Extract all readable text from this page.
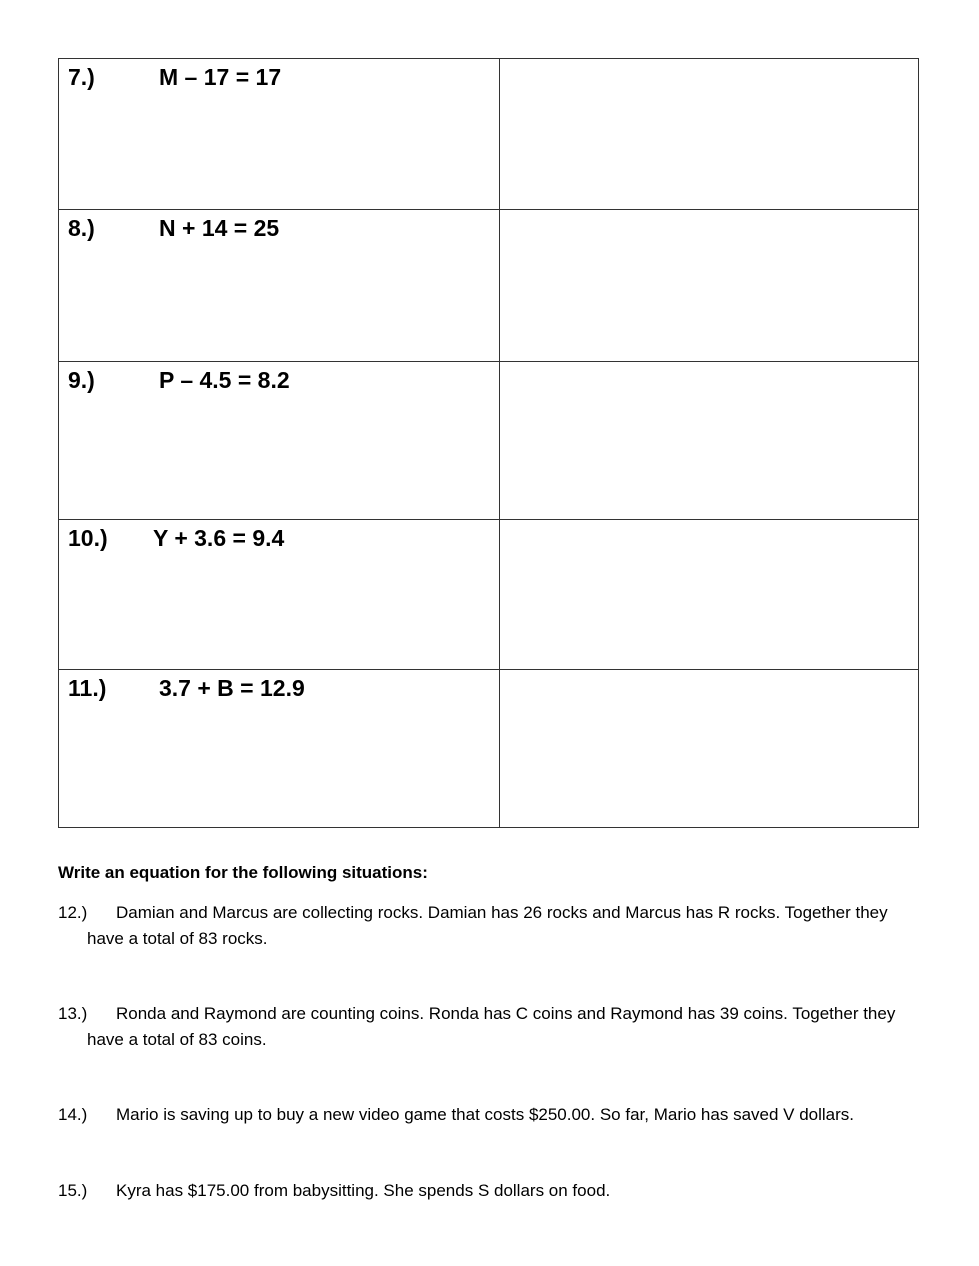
7.) M – 17 = 17	

8.) N + 14 = 25	

9.) P – 4.5 = 8.2	

10.) Y + 3.6 = 9.4	

11.) 3.7 + B = 12.9	

Write an equation for the following situations:
12.) Damian and Marcus are collecting rocks. Damian has 26 rocks and Marcus has R rocks. Together they
have a total of 83 rocks.
13.) Ronda and Raymond are counting coins. Ronda has C coins and Raymond has 39 coins. Together they
have a total of 83 coins.
14.) Mario is saving up to buy a new video game that costs $250.00. So far, Mario has saved V dollars.
15.) Kyra has $175.00 from babysitting. She spends S dollars on food.
